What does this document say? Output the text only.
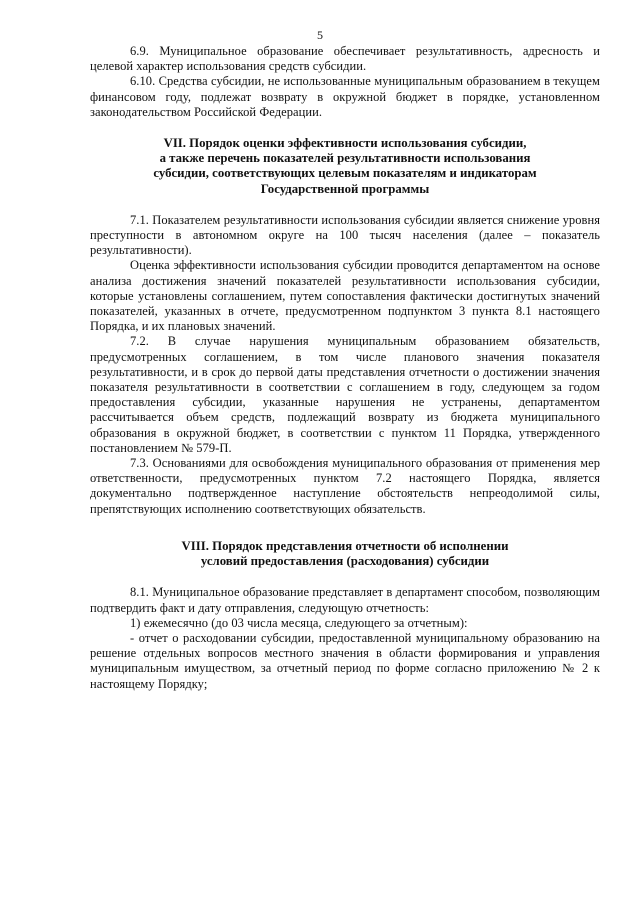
5

6.9. Муниципальное образование обеспечивает результативность, адресность и целевой характер использования средств субсидии.

6.10. Средства субсидии, не использованные муниципальным образованием в текущем финансовом году, подлежат возврату в окружной бюджет в порядке, установленном законодательством Российской Федерации.

VII. Порядок оценки эффективности использования субсидии,

а также перечень показателей результативности использования

субсидии, соответствующих целевым показателям и индикаторам

Государственной программы

7.1. Показателем результативности использования субсидии является снижение уровня преступности в автономном округе на 100 тысяч населения (далее – показатель результативности).

Оценка эффективности использования субсидии проводится департаментом на основе анализа достижения значений показателей результативности использования субсидии, которые установлены соглашением, путем сопоставления фактически достигнутых значений показателей, указанных в отчете, предусмотренном подпунктом 3 пункта 8.1 настоящего Порядка, и их плановых значений.

7.2. В случае нарушения муниципальным образованием обязательств, предусмотренных соглашением, в том числе планового значения показателя результативности, и в срок до первой даты представления отчетности о достижении значения показателя результативности в соответствии с соглашением в году, следующем за годом предоставления субсидии, указанные нарушения не устранены, департаментом рассчитывается объем средств, подлежащий возврату из бюджета муниципального образования в окружной бюджет, в соответствии с пунктом 11 Порядка, утвержденного постановлением № 579-П.

7.3. Основаниями для освобождения муниципального образования от применения мер ответственности, предусмотренных пунктом 7.2 настоящего Порядка, является документально подтвержденное наступление обстоятельств непреодолимой силы, препятствующих исполнению соответствующих обязательств.

VIII. Порядок представления отчетности об исполнении

условий предоставления (расходования) субсидии

8.1. Муниципальное образование представляет в департамент способом, позволяющим подтвердить факт и дату отправления, следующую отчетность:

1) ежемесячно (до 03 числа месяца, следующего за отчетным):

- отчет о расходовании субсидии, предоставленной муниципальному образованию на решение отдельных вопросов местного значения в области формирования и управления муниципальным имуществом, за отчетный период по форме согласно приложению № 2 к настоящему Порядку;
